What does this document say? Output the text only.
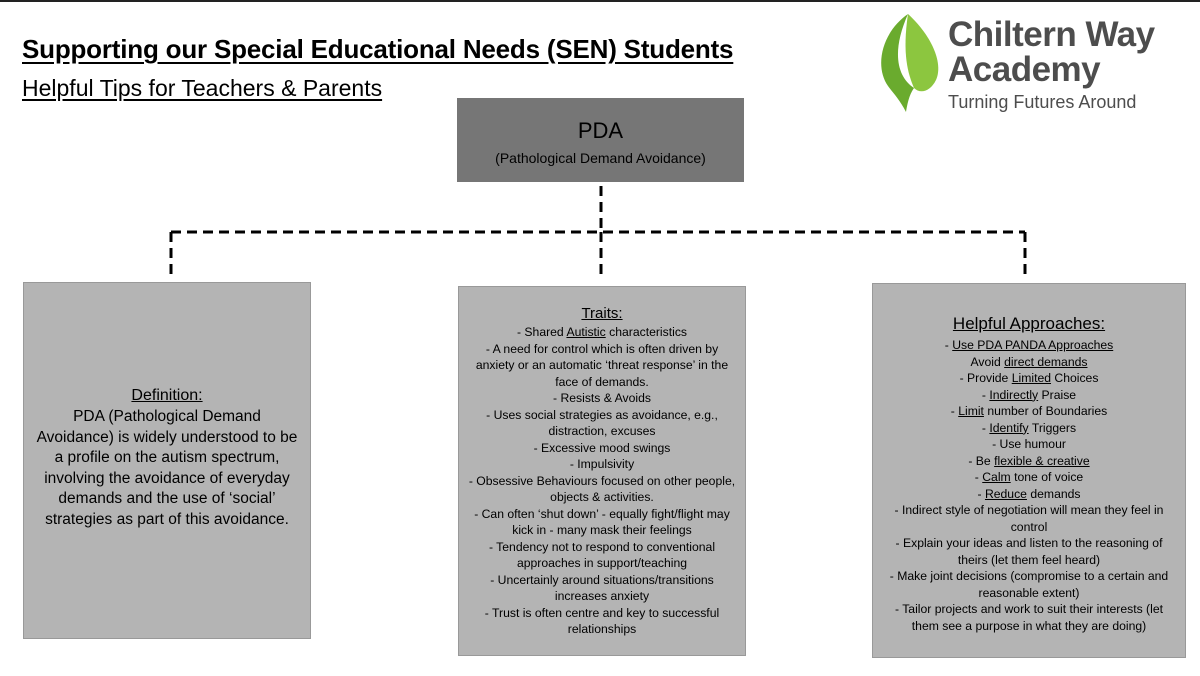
Supporting our Special Educational Needs (SEN) Students
Helpful Tips for Teachers & Parents
Chiltern Way
Academy
Turning Futures Around
PDA
(Pathological Demand Avoidance)
Definition:
PDA (Pathological Demand Avoidance) is widely understood to be a profile on the autism spectrum, involving the avoidance of everyday demands and the use of ‘social’ strategies as part of this avoidance.
Traits:
- Shared Autistic characteristics
- A need for control which is often driven by anxiety or an automatic ‘threat response’ in the face of demands.
- Resists & Avoids
- Uses social strategies as avoidance, e.g., distraction, excuses
- Excessive mood swings
- Impulsivity
- Obsessive Behaviours focused on other people, objects & activities.
- Can often ‘shut down’ - equally fight/flight may kick in - many mask their feelings
- Tendency not to respond to conventional approaches in support/teaching
- Uncertainly around situations/transitions increases anxiety
- Trust is often centre and key to successful relationships
Helpful Approaches:
- Use PDA PANDA Approaches
Avoid direct demands
- Provide Limited Choices
- Indirectly Praise
- Limit number of Boundaries
- Identify Triggers
- Use humour
- Be flexible & creative
- Calm tone of voice
- Reduce demands
- Indirect style of negotiation will mean they feel in control
- Explain your ideas and listen to the reasoning of theirs (let them feel heard)
- Make joint decisions (compromise to a certain and reasonable extent)
- Tailor projects and work to suit their interests (let them see a purpose in what they are doing)
